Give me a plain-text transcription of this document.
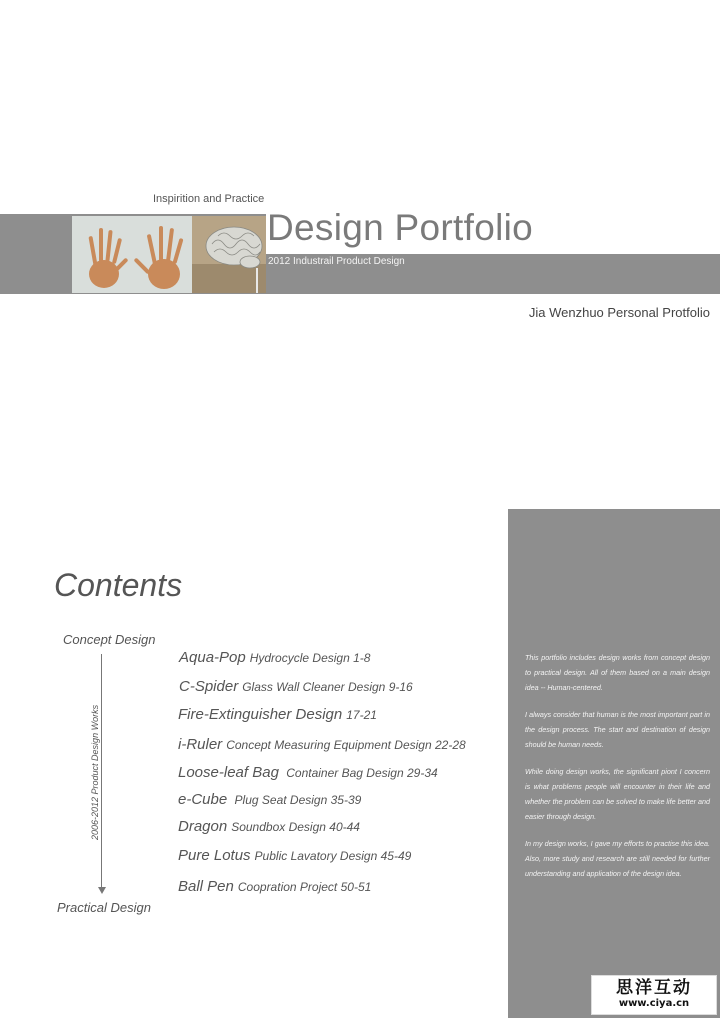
Inspirition and Practice
Design Portfolio
2012 Industrail Product Design
Jia Wenzhuo Personal Protfolio
Contents
Concept Design
2006-2012 Product Design Works
Practical Design
Aqua-Pop Hydrocycle Design 1-8
C-Spider Glass Wall Cleaner Design 9-16
Fire-Extinguisher Design 17-21
i-Ruler Concept Measuring Equipment Design 22-28
Loose-leaf Bag Container Bag Design 29-34
e-Cube Plug Seat Design 35-39
Dragon Soundbox Design 40-44
Pure Lotus Public Lavatory Design 45-49
Ball Pen Coopration Project 50-51

This portfolio includes design works from concept design to practical design. All of them based on a main design idea -- Human-centered.

I always consider that human is the most important part in the design process. The start and destination of design should be human needs.

While doing design works, the significant piont I concern is what problems people will encounter in their life and whether the problem can be solved to make life better and easier through design.

In my design works, I gave my efforts to practise this idea. Also, more study and research are still needed for further understanding and application of the design idea.

思洋互动
www.ciya.cn
